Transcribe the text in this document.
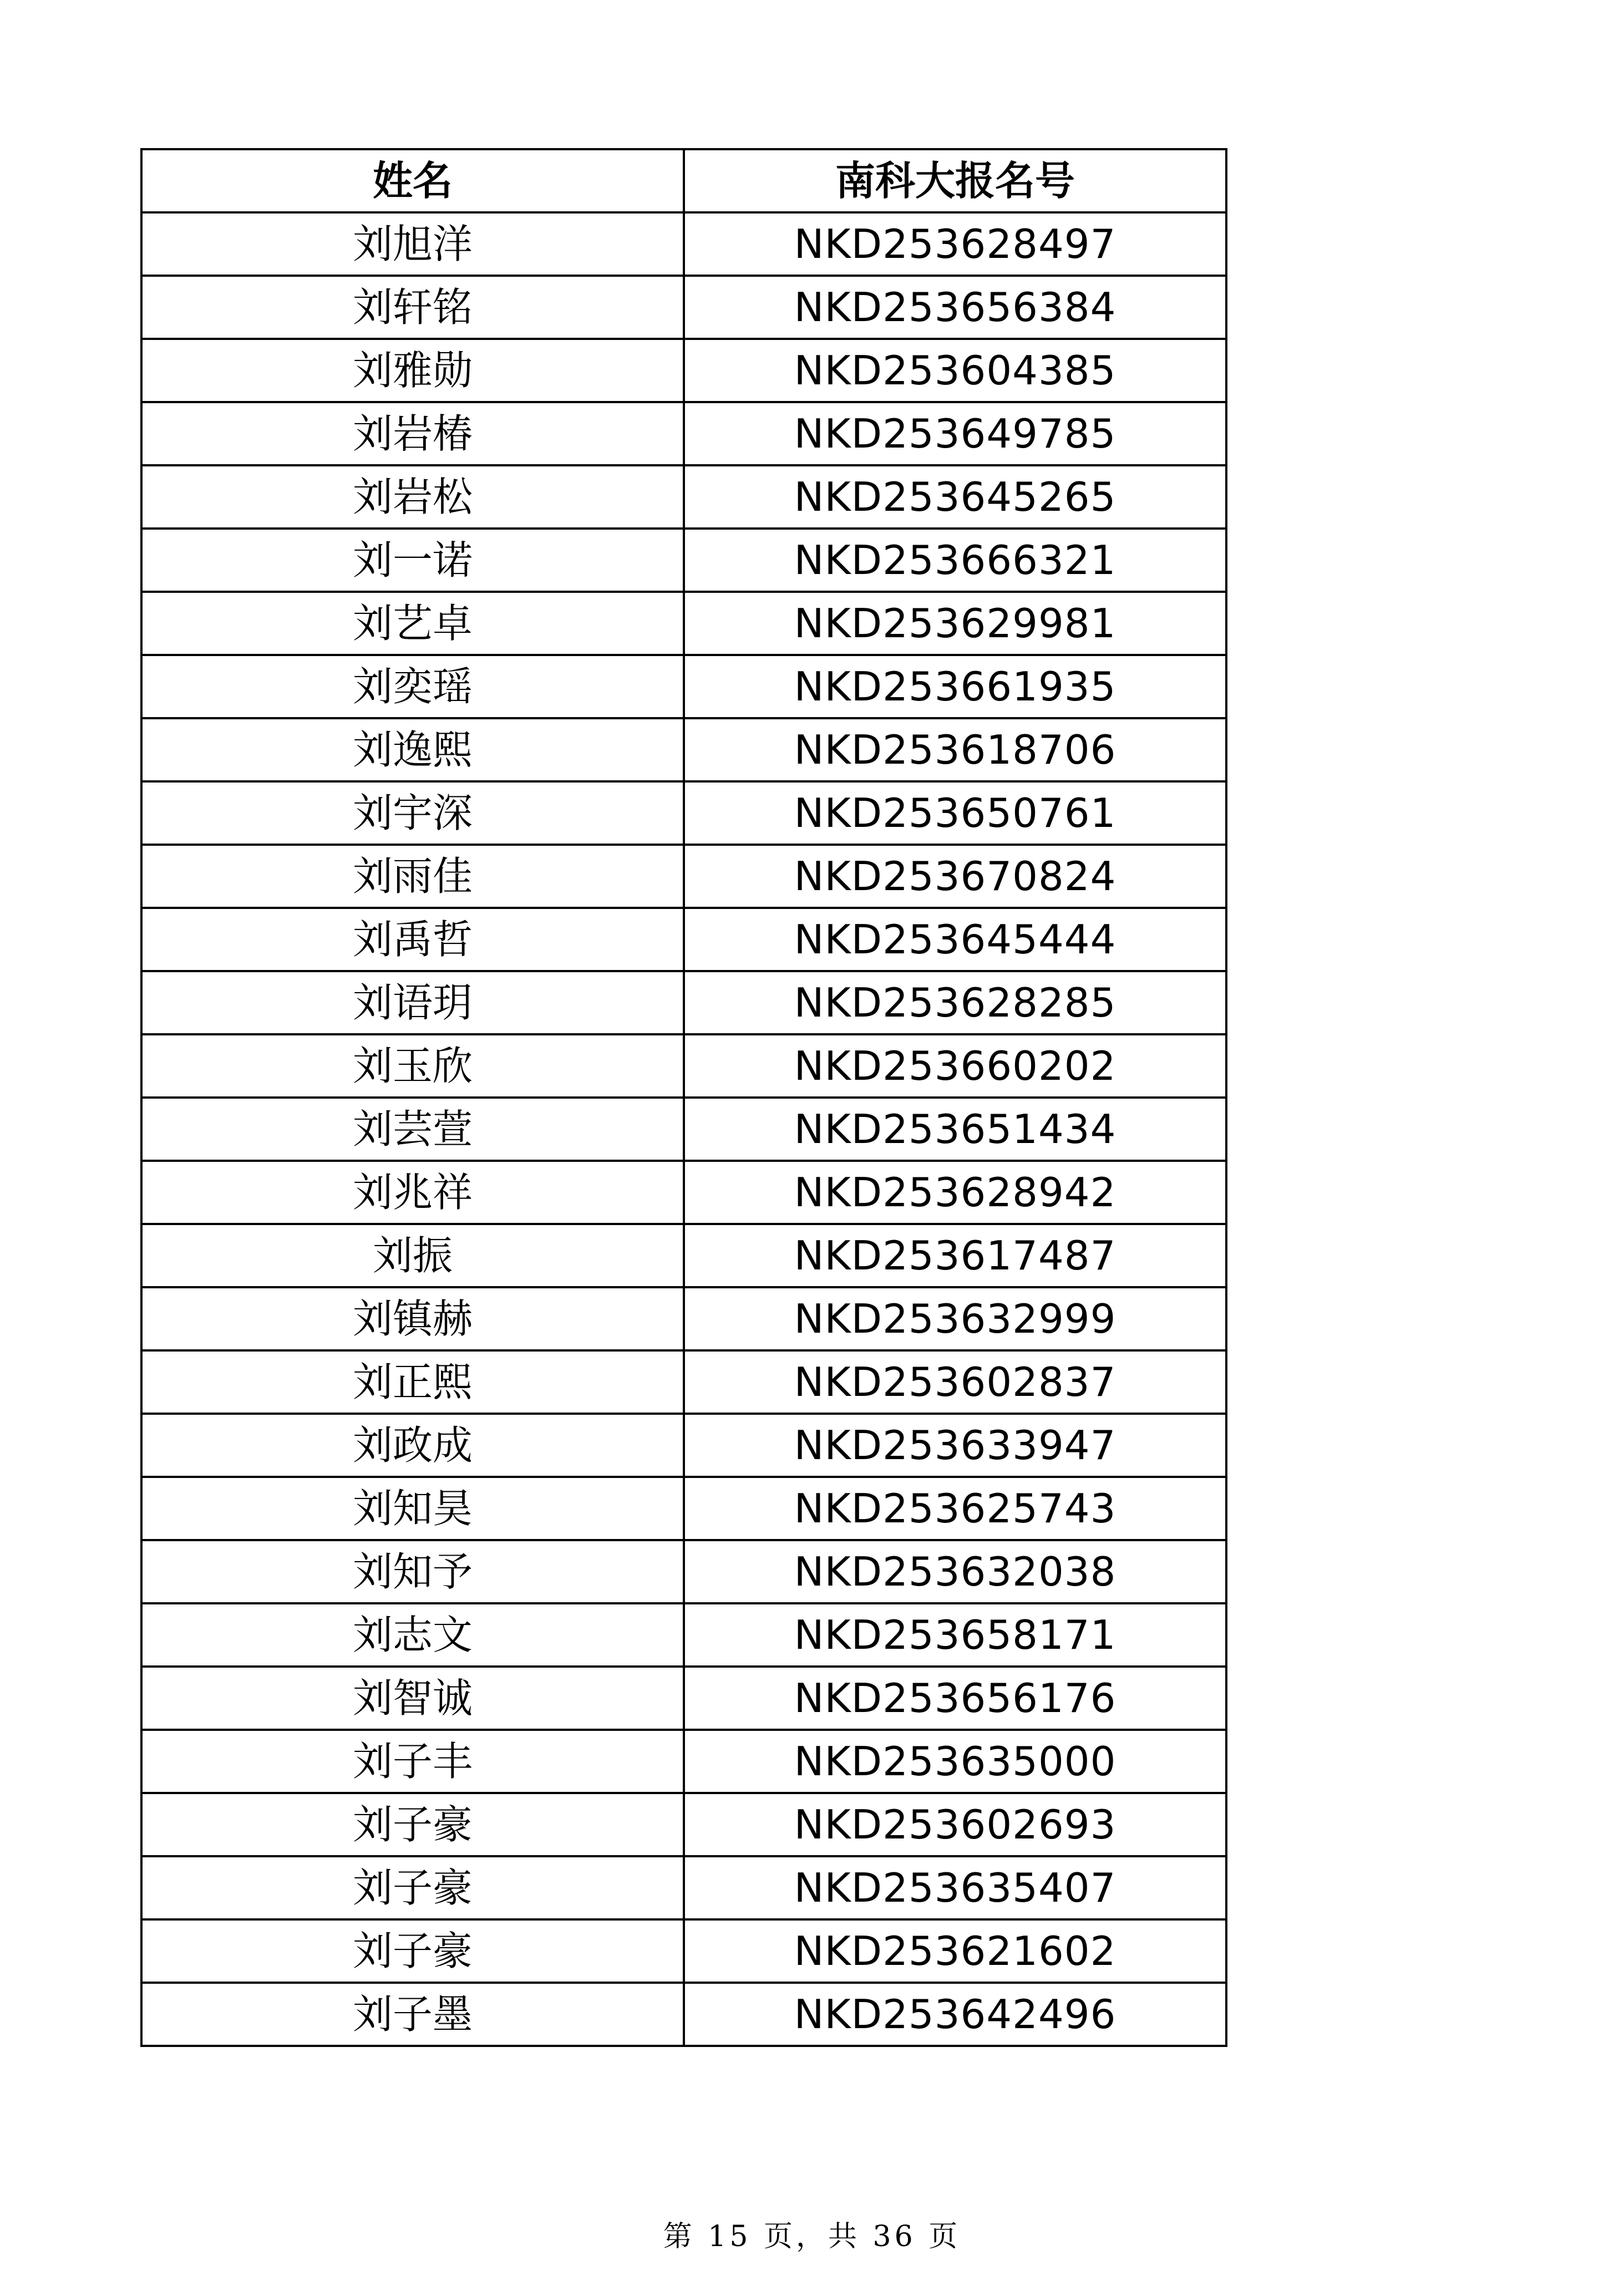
姓名	南科大报名号
刘旭洋	NKD253628497
刘轩铭	NKD253656384
刘雅勋	NKD253604385
刘岩椿	NKD253649785
刘岩松	NKD253645265
刘一诺	NKD253666321
刘艺卓	NKD253629981
刘奕瑶	NKD253661935
刘逸熙	NKD253618706
刘宇深	NKD253650761
刘雨佳	NKD253670824
刘禹哲	NKD253645444
刘语玥	NKD253628285
刘玉欣	NKD253660202
刘芸萱	NKD253651434
刘兆祥	NKD253628942
刘振	NKD253617487
刘镇赫	NKD253632999
刘正熙	NKD253602837
刘政成	NKD253633947
刘知昊	NKD253625743
刘知予	NKD253632038
刘志文	NKD253658171
刘智诚	NKD253656176
刘子丰	NKD253635000
刘子豪	NKD253602693
刘子豪	NKD253635407
刘子豪	NKD253621602
刘子墨	NKD253642496
第 15 页，共 36 页
